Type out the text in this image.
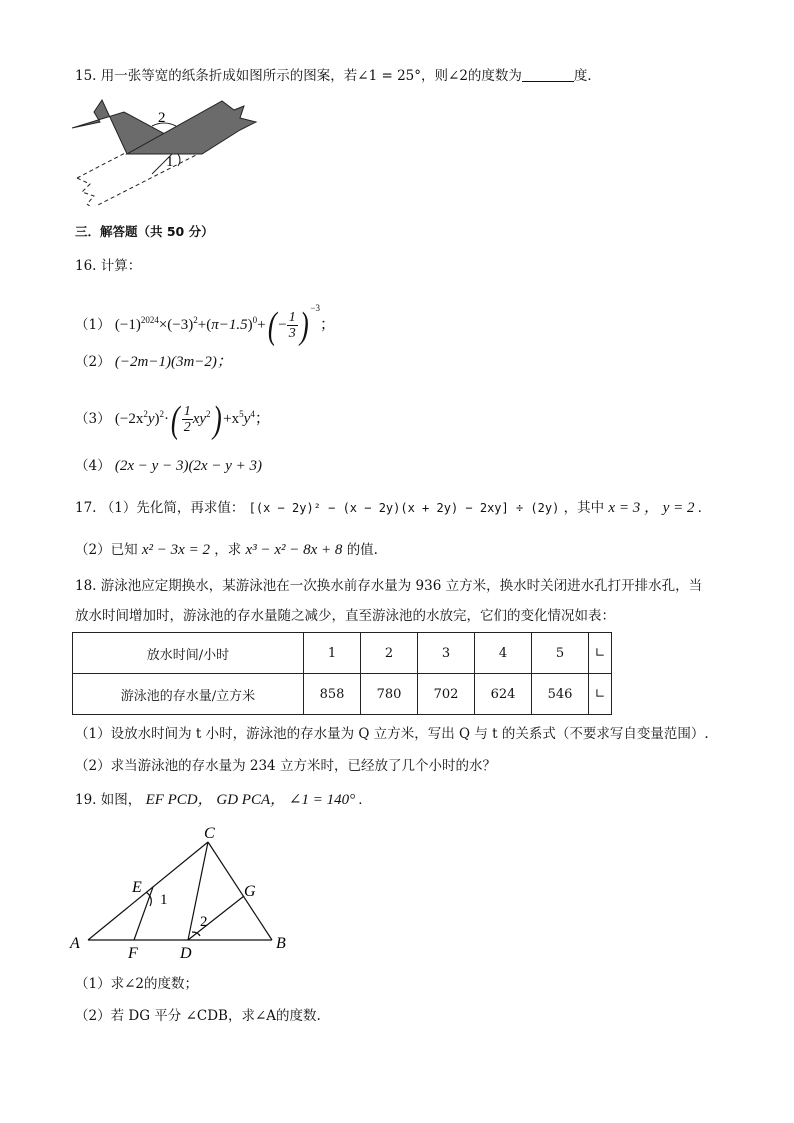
15. 用一张等宽的纸条折成如图所示的图案，若∠1 = 25°，则∠2的度数为	度．
2
1
三．解答题（共 50 分）
16. 计算：
（1） $(-1)^{2024}\times(-3)^2+(\pi-1.5)^0+( - \frac{1}{3}$ ) $^{-3}$；
（2） (−2m−1)(3m−2)；
（3） $(-2x^2y)^2\cdot( \frac{1}{2} xy^2) +x^5y^4$；
（4） (2x − y − 3)(2x − y + 3)
17. （1）先化简，再求值： [(x − 2y)² − (x − 2y)(x + 2y) − 2xy] ÷ (2y) ，其中 x = 3 ， y = 2 .
（2）已知 x² − 3x = 2 ，求 x³ − x² − 8x + 8 的值.
18. 游泳池应定期换水，某游泳池在一次换水前存水量为 936 立方米，换水时关闭进水孔打开排水孔，当
放水时间增加时，游泳池的存水量随之减少，直至游泳池的水放完，它们的变化情况如表：
放水时间/小时	1	2	3	4	5	∟
游泳池的存水量/立方米	858	780	702	624	546	∟
（1）设放水时间为 t 小时，游泳池的存水量为 Q 立方米，写出 Q 与 t 的关系式（不要求写自变量范围）.
（2）求当游泳池的存水量为 234 立方米时，已经放了几个小时的水？
19. 如图， EF PCD， GD PCA， ∠1 = 140° .
C
E	G
A	B
F	D
1
2
（1）求∠2的度数；
（2）若 DG 平分 ∠CDB，求∠A的度数.
